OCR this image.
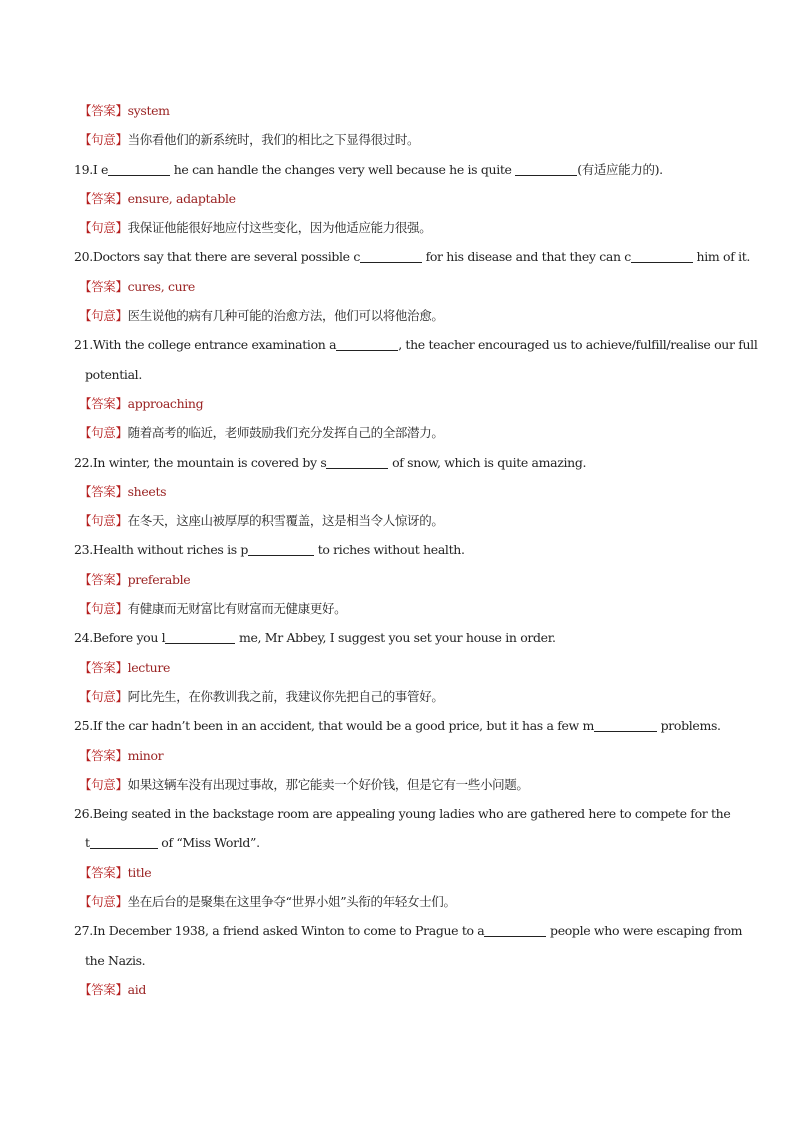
【答案】system
【句意】当你看他们的新系统时，我们的相比之下显得很过时。
19.I e	he can handle the changes very well because he is quite	(有适应能力的).
【答案】ensure, adaptable
【句意】我保证他能很好地应付这些变化，因为他适应能力很强。
20.Doctors say that there are several possible c	for his disease and that they can c	him of it.
【答案】cures, cure
【句意】医生说他的病有几种可能的治愈方法，他们可以将他治愈。
21.With the college entrance examination a	, the teacher encouraged us to achieve/fulfill/realise our full
potential.
【答案】approaching
【句意】随着高考的临近，老师鼓励我们充分发挥自己的全部潜力。
22.In winter, the mountain is covered by s	of snow, which is quite amazing.
【答案】sheets
【句意】在冬天，这座山被厚厚的积雪覆盖，这是相当令人惊讶的。
23.Health without riches is p	to riches without health.
【答案】preferable
【句意】有健康而无财富比有财富而无健康更好。
24.Before you l	me, Mr Abbey, I suggest you set your house in order.
【答案】lecture
【句意】阿比先生，在你教训我之前，我建议你先把自己的事管好。
25.If the car hadn’t been in an accident, that would be a good price, but it has a few m	problems.
【答案】minor
【句意】如果这辆车没有出现过事故，那它能卖一个好价钱，但是它有一些小问题。
26.Being seated in the backstage room are appealing young ladies who are gathered here to compete for the
t	of “Miss World”.
【答案】title
【句意】坐在后台的是聚集在这里争夺“世界小姐”头衔的年轻女士们。
27.In December 1938, a friend asked Winton to come to Prague to a	people who were escaping from
the Nazis.
【答案】aid
